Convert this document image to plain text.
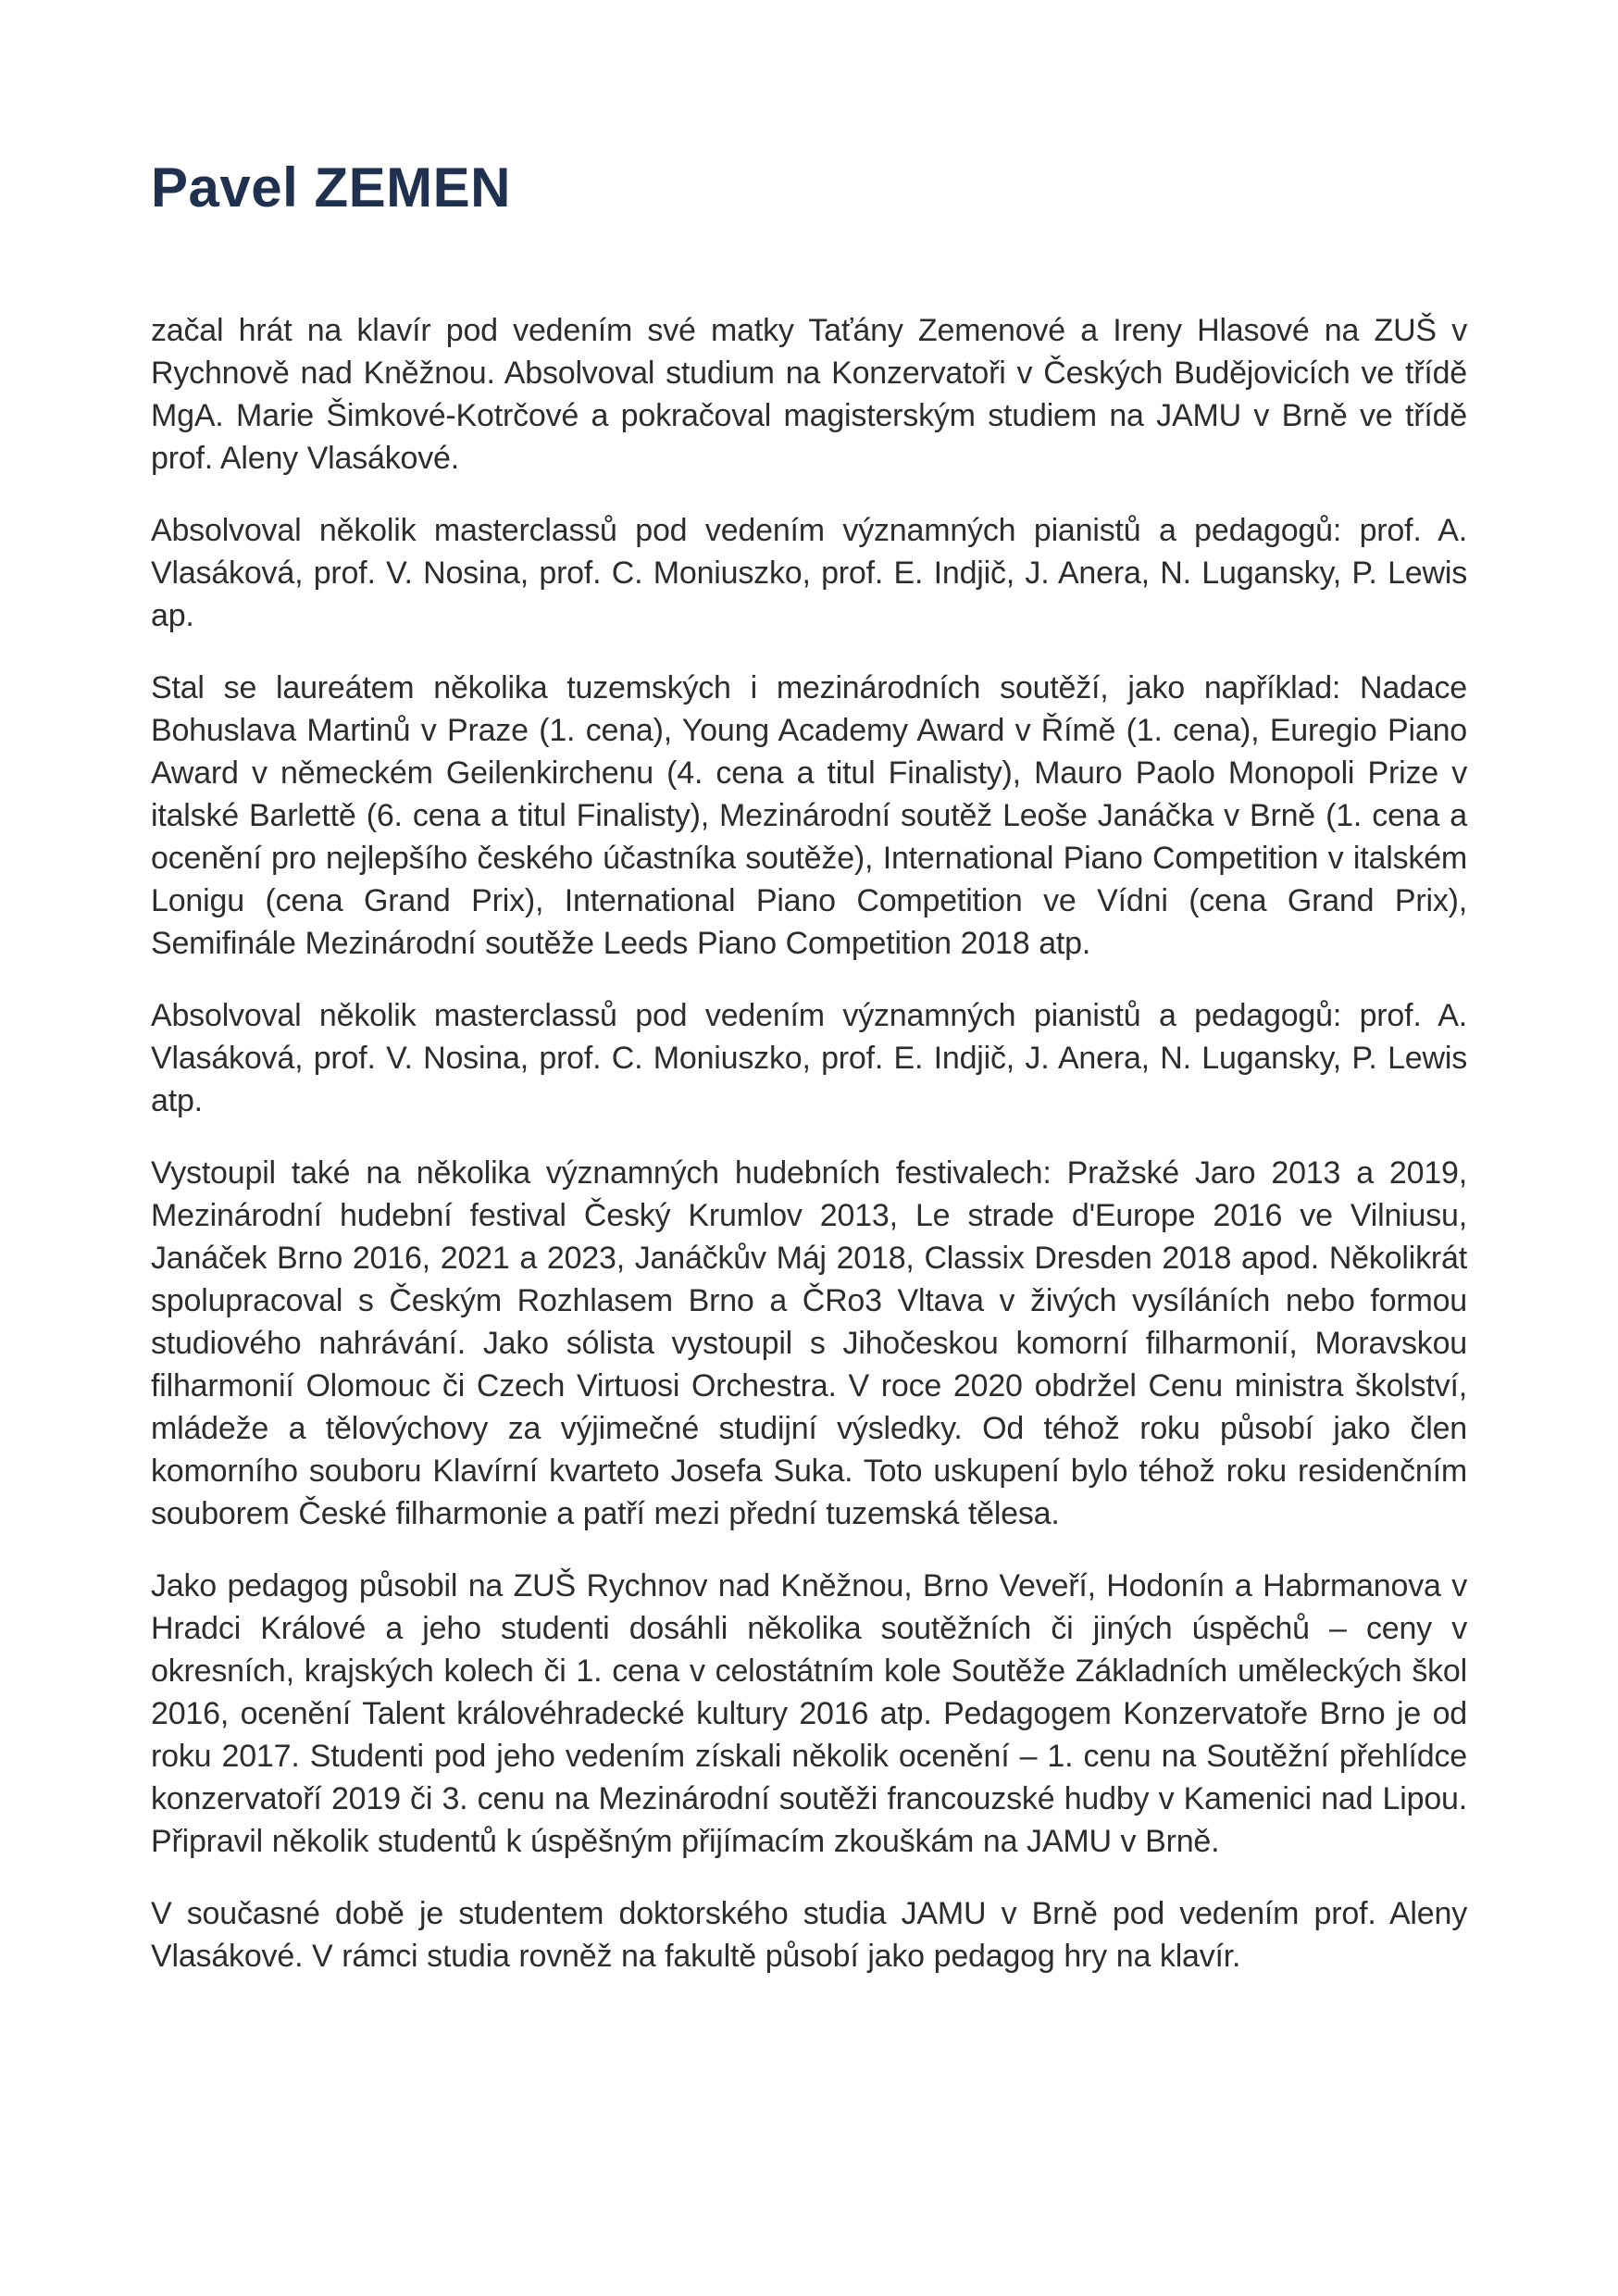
Pavel ZEMEN

začal hrát na klavír pod vedením své matky Taťány Zemenové a Ireny Hlasové na ZUŠ v Rychnově nad Kněžnou. Absolvoval studium na Konzervatoři v Českých Budějovicích ve třídě MgA. Marie Šimkové-Kotrčové a pokračoval magisterským studiem na JAMU v Brně ve třídě prof. Aleny Vlasákové.

Absolvoval několik masterclassů pod vedením významných pianistů a pedagogů: prof. A. Vlasáková, prof. V. Nosina, prof. C. Moniuszko, prof. E. Indjič, J. Anera, N. Lugansky, P. Lewis ap.

Stal se laureátem několika tuzemských i mezinárodních soutěží, jako například: Nadace Bohuslava Martinů v Praze (1. cena), Young Academy Award v Římě (1. cena), Euregio Piano Award v německém Geilenkirchenu (4. cena a titul Finalisty), Mauro Paolo Monopoli Prize v italské Barlettě (6. cena a titul Finalisty), Mezinárodní soutěž Leoše Janáčka v Brně (1. cena a ocenění pro nejlepšího českého účastníka soutěže), International Piano Competition v italském Lonigu (cena Grand Prix), International Piano Competition ve Vídni (cena Grand Prix), Semifinále Mezinárodní soutěže Leeds Piano Competition 2018 atp.

Absolvoval několik masterclassů pod vedením významných pianistů a pedagogů: prof. A. Vlasáková, prof. V. Nosina, prof. C. Moniuszko, prof. E. Indjič, J. Anera, N. Lugansky, P. Lewis atp.

Vystoupil také na několika významných hudebních festivalech: Pražské Jaro 2013 a 2019, Mezinárodní hudební festival Český Krumlov 2013, Le strade d'Europe 2016 ve Vilniusu, Janáček Brno 2016, 2021 a 2023, Janáčkův Máj 2018, Classix Dresden 2018 apod. Několikrát spolupracoval s Českým Rozhlasem Brno a ČRo3 Vltava v živých vysíláních nebo formou studiového nahrávání. Jako sólista vystoupil s Jihočeskou komorní filharmonií, Moravskou filharmonií Olomouc či Czech Virtuosi Orchestra. V roce 2020 obdržel Cenu ministra školství, mládeže a tělovýchovy za výjimečné studijní výsledky. Od téhož roku působí jako člen komorního souboru Klavírní kvarteto Josefa Suka. Toto uskupení bylo téhož roku residenčním souborem České filharmonie a patří mezi přední tuzemská tělesa.

Jako pedagog působil na ZUŠ Rychnov nad Kněžnou, Brno Veveří, Hodonín a Habrmanova v Hradci Králové a jeho studenti dosáhli několika soutěžních či jiných úspěchů – ceny v okresních, krajských kolech či 1. cena v celostátním kole Soutěže Základních uměleckých škol 2016, ocenění Talent královéhradecké kultury 2016 atp. Pedagogem Konzervatoře Brno je od roku 2017. Studenti pod jeho vedením získali několik ocenění – 1. cenu na Soutěžní přehlídce konzervatoří 2019 či 3. cenu na Mezinárodní soutěži francouzské hudby v Kamenici nad Lipou. Připravil několik studentů k úspěšným přijímacím zkouškám na JAMU v Brně.

V současné době je studentem doktorského studia JAMU v Brně pod vedením prof. Aleny Vlasákové. V rámci studia rovněž na fakultě působí jako pedagog hry na klavír.
